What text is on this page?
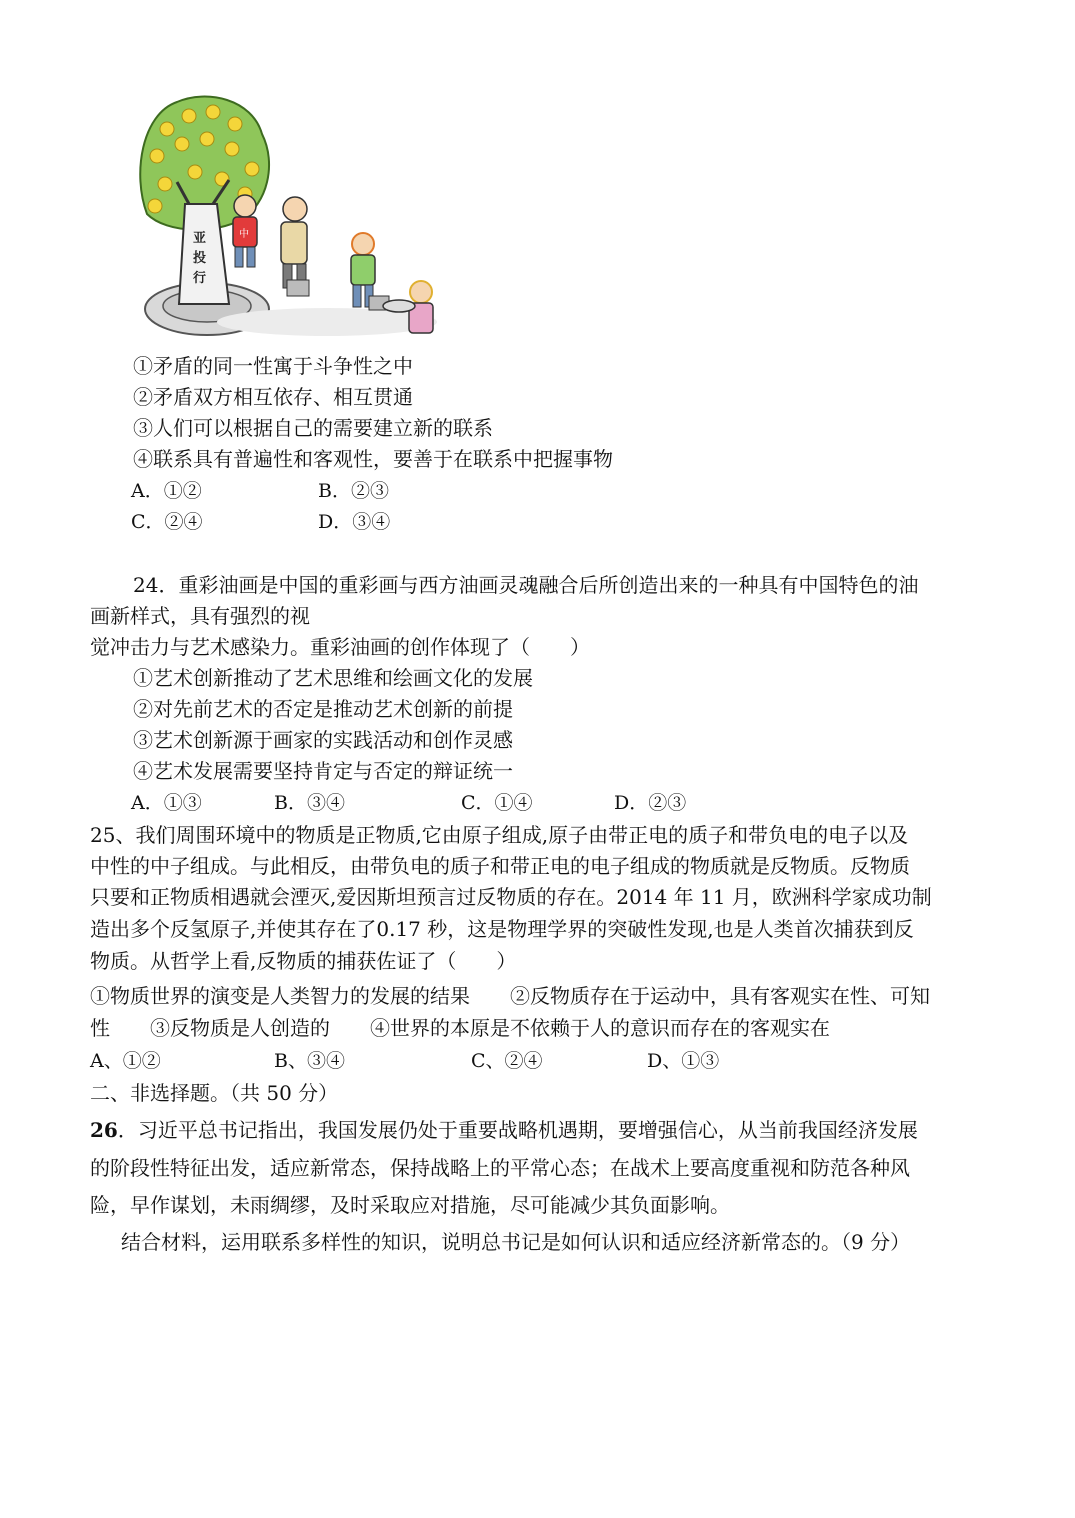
亚
投
行
中
①矛盾的同一性寓于斗争性之中
②矛盾双方相互依存、相互贯通
③人们可以根据自己的需要建立新的联系
④联系具有普遍性和客观性，要善于在联系中把握事物
A．①②	B．②③
C．②④	D．③④
24．重彩油画是中国的重彩画与西方油画灵魂融合后所创造出来的一种具有中国特色的油
画新样式，具有强烈的视
觉冲击力与艺术感染力。重彩油画的创作体现了（　　）
①艺术创新推动了艺术思维和绘画文化的发展
②对先前艺术的否定是推动艺术创新的前提
③艺术创新源于画家的实践活动和创作灵感
④艺术发展需要坚持肯定与否定的辩证统一
A．①③	B．③④	C．①④	D．②③
25、我们周围环境中的物质是正物质,它由原子组成,原子由带正电的质子和带负电的电子以及
中性的中子组成。与此相反，由带负电的质子和带正电的电子组成的物质就是反物质。反物质
只要和正物质相遇就会湮灭,爱因斯坦预言过反物质的存在。2014 年 11 月，欧洲科学家成功制
造出多个反氢原子,并使其存在了0.17 秒，这是物理学界的突破性发现,也是人类首次捕获到反
物质。从哲学上看,反物质的捕获佐证了（　　）
①物质世界的演变是人类智力的发展的结果　　②反物质存在于运动中，具有客观实在性、可知
性　　③反物质是人创造的　　④世界的本原是不依赖于人的意识而存在的客观实在
A、①②	B、③④	C、②④	D、①③
二、非选择题。（共 50 分）
26．习近平总书记指出，我国发展仍处于重要战略机遇期，要增强信心，从当前我国经济发展
的阶段性特征出发，适应新常态，保持战略上的平常心态；在战术上要高度重视和防范各种风
险，早作谋划，未雨绸缪，及时采取应对措施，尽可能减少其负面影响。
结合材料，运用联系多样性的知识，说明总书记是如何认识和适应经济新常态的。（9 分）
